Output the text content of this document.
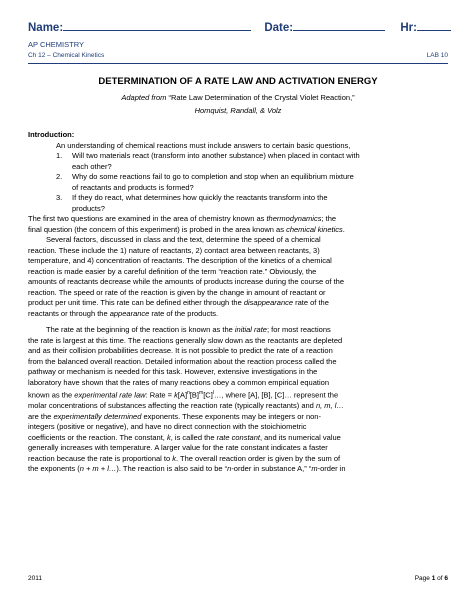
Name:	Date:	Hr:
AP CHEMISTRY
Ch 12 – Chemical Kinetics	LAB 10
DETERMINATION OF A RATE LAW AND ACTIVATION ENERGY
Adapted from “Rate Law Determination of the Crystal Violet Reaction,”
Homquist, Randall, & Volz

Introduction:

An understanding of chemical reactions must include answers to certain basic questions,

1. Will two materials react (transform into another substance) when placed in contact with
each other?
2. Why do some reactions fail to go to completion and stop when an equilibrium mixture
of reactants and products is formed?
3. If they do react, what determines how quickly the reactants transform into the
products?
The first two questions are examined in the area of chemistry known as thermodynamics; the
final question (the concern of this experiment) is probed in the area known as chemical kinetics.
Several factors, discussed in class and the text, determine the speed of a chemical
reaction. These include the 1) nature of reactants, 2) contact area between reactants, 3)
temperature, and 4) concentration of reactants. The description of the kinetics of a chemical
reaction is made easier by a careful definition of the term “reaction rate.” Obviously, the
amounts of reactants decrease while the amounts of products increase during the course of the
reaction. The speed or rate of the reaction is given by the change in amount of reactant or
product per unit time. This rate can be defined either through the disappearance rate of the
reactants or through the appearance rate of the products.
The rate at the beginning of the reaction is known as the initial rate; for most reactions
the rate is largest at this time. The reactions generally slow down as the reactants are depleted
and as their collision probabilities decrease. It is not possible to predict the rate of a reaction
from the balanced overall reaction. Detailed information about the reaction process called the
pathway or mechanism is needed for this task. However, extensive investigations in the
laboratory have shown that the rates of many reactions obey a common empirical equation
known as the experimental rate law: Rate = $k[A]^n[B]^m[C]^l\dots$, where [A], [B], [C]… represent the
molar concentrations of substances affecting the reaction rate (typically reactants) and n, m, l…
are the experimentally determined exponents. These exponents may be integers or non-
integers (positive or negative), and have no direct connection with the stoichiometric
coefficients or the reaction. The constant, k, is called the rate constant, and its numerical value
generally increases with temperature. A larger value for the rate constant indicates a faster
reaction because the rate is proportional to k. The overall reaction order is given by the sum of
the exponents (n + m + l…). The reaction is also said to be “n-order in substance A,” “m-order in
2011	Page 1 of 6
